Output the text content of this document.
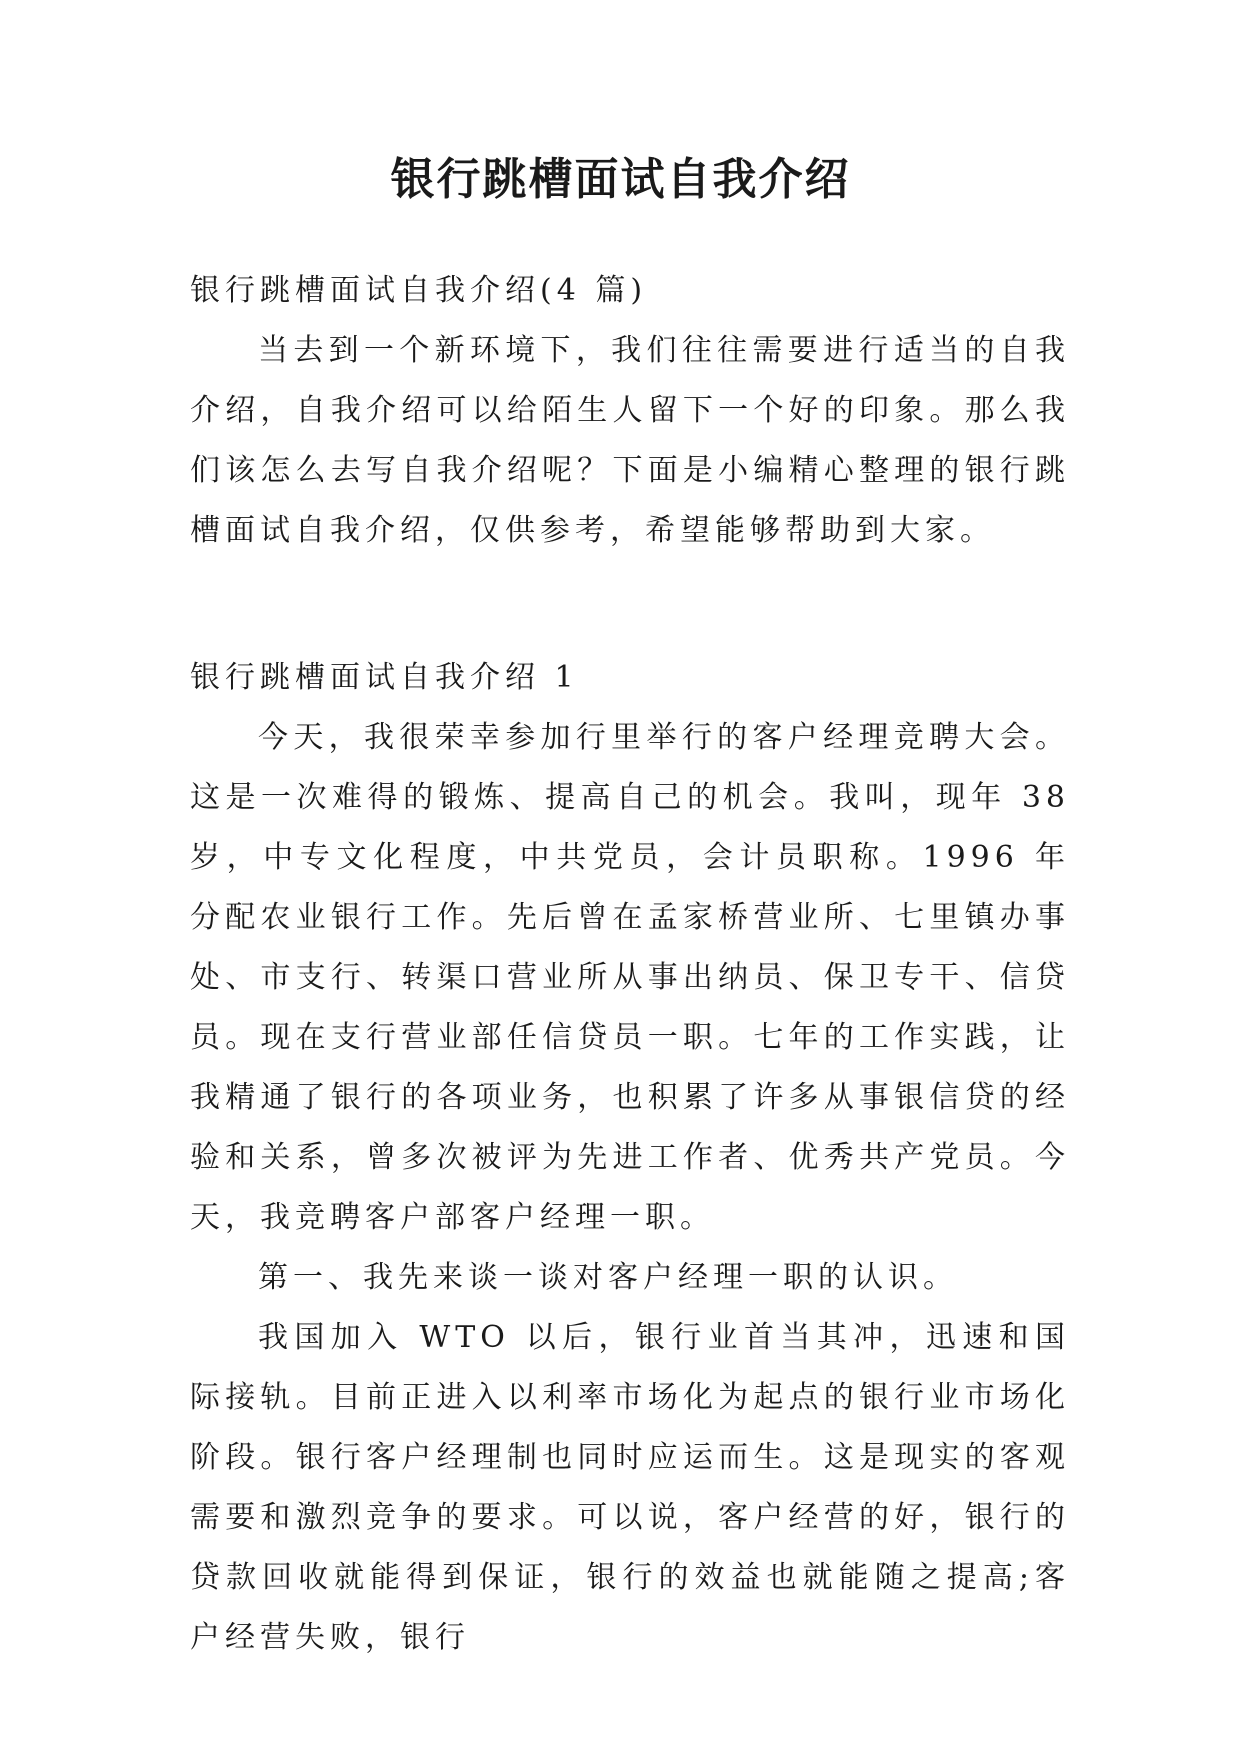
银行跳槽面试自我介绍

银行跳槽面试自我介绍(4 篇)

当去到一个新环境下，我们往往需要进行适当的自我介绍，自我介绍可以给陌生人留下一个好的印象。那么我们该怎么去写自我介绍呢？下面是小编精心整理的银行跳槽面试自我介绍，仅供参考，希望能够帮助到大家。

银行跳槽面试自我介绍 1

今天，我很荣幸参加行里举行的客户经理竞聘大会。这是一次难得的锻炼、提高自己的机会。我叫，现年 38 岁，中专文化程度，中共党员，会计员职称。1996 年分配农业银行工作。先后曾在孟家桥营业所、七里镇办事处、市支行、转渠口营业所从事出纳员、保卫专干、信贷员。现在支行营业部任信贷员一职。七年的工作实践，让我精通了银行的各项业务，也积累了许多从事银信贷的经验和关系，曾多次被评为先进工作者、优秀共产党员。今天，我竞聘客户部客户经理一职。

第一、我先来谈一谈对客户经理一职的认识。

我国加入 WTO 以后，银行业首当其冲，迅速和国际接轨。目前正进入以利率市场化为起点的银行业市场化阶段。银行客户经理制也同时应运而生。这是现实的客观需要和激烈竞争的要求。可以说，客户经营的好，银行的贷款回收就能得到保证，银行的效益也就能随之提高;客户经营失败，银行
